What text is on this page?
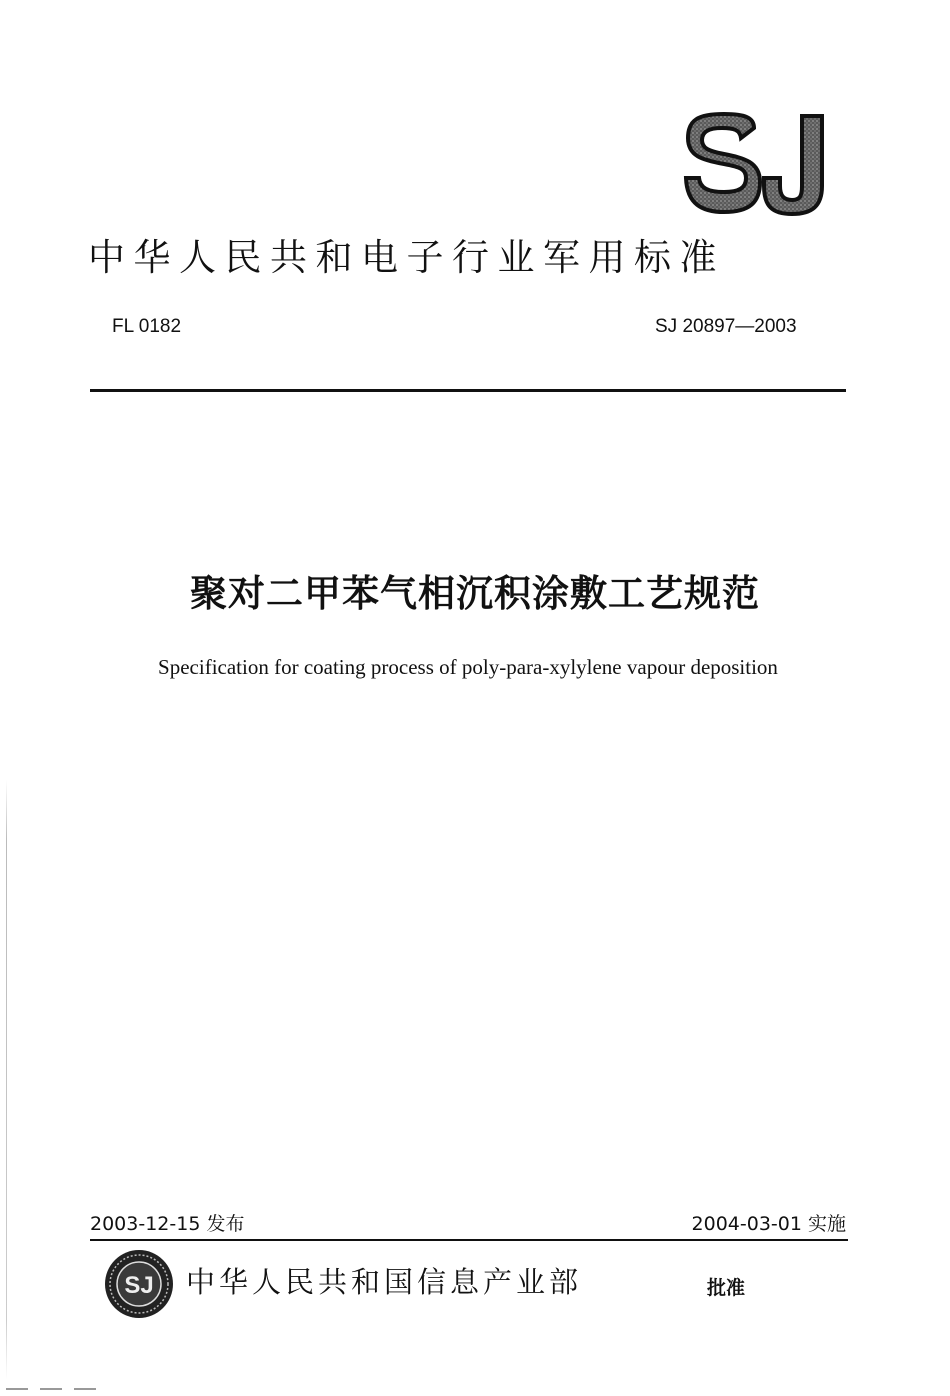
SJ
中华人民共和电子行业军用标准
FL 0182	SJ 20897—2003
聚对二甲苯气相沉积涂敷工艺规范
Specification for coating process of poly-para-xylylene vapour deposition
2003-12-15 发布	2004-03-01 实施
SJ 中华人民共和国信息产业部	批准
